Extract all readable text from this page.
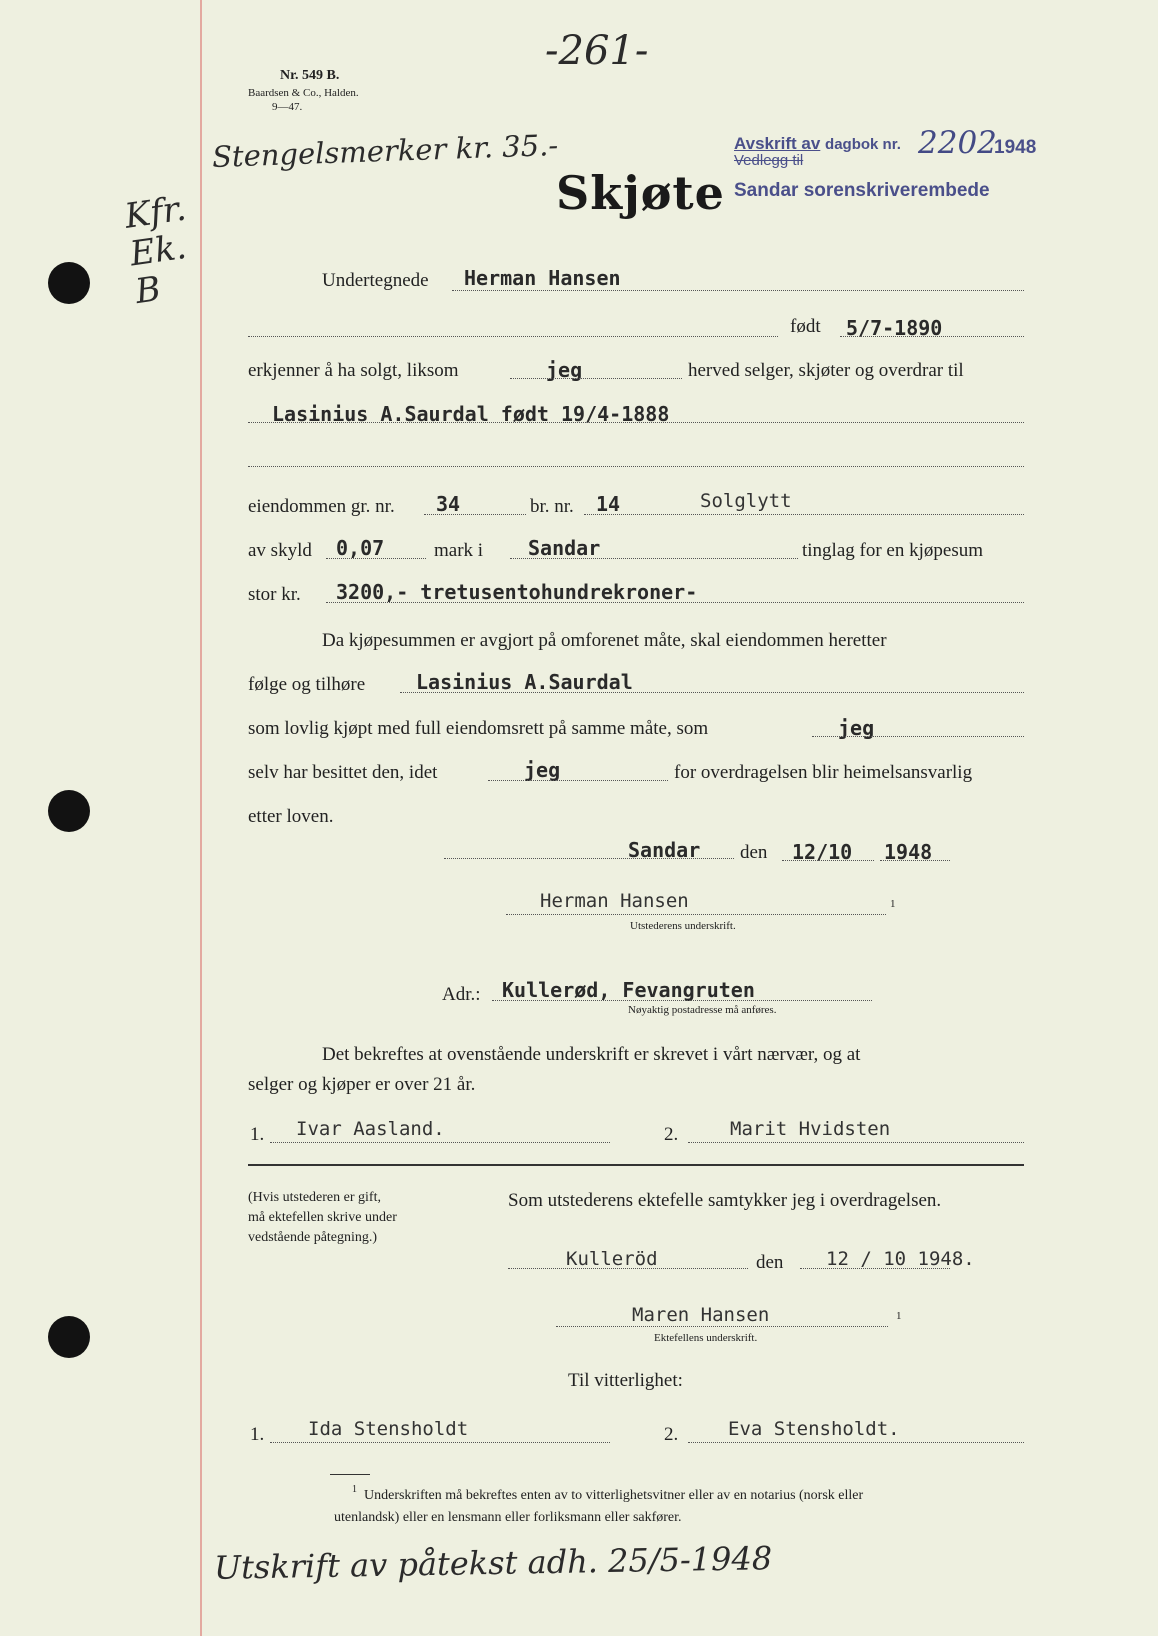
-261-
Nr. 549 B.
Baardsen & Co., Halden.
9—47.
Stengelsmerker kr. 35.-
Kfr. Ek. B
Skjøte
Avskrift av dagbok nr.
Vedlegg til	2202
1948
Sandar sorenskriverembede
Undertegnede Herman Hansen
født 5/7-1890
erkjenner å ha solgt, liksom	jeg	herved selger, skjøter og overdrar til
Lasinius A.Saurdal født 19/4-1888
eiendommen gr. nr. 34	br. nr. 14	Solglytt
av skyld 0,07	mark i Sandar	tinglag for en kjøpesum
stor kr. 3200,- tretusentohundrekroner-
Da kjøpesummen er avgjort på omforenet måte, skal eiendommen heretter
følge og tilhøre	Lasinius A.Saurdal
som lovlig kjøpt med full eiendomsrett på samme måte, som	jeg
selv har besittet den, idet	jeg	for overdragelsen blir heimelsansvarlig
etter loven.
Sandar den 12/10 1948
Herman Hansen	1
Utstederens underskrift.
Adr.: Kullerød, Fevangruten
Nøyaktig postadresse må anføres.
Det bekreftes at ovenstående underskrift er skrevet i vårt nærvær, og at
selger og kjøper er over 21 år.
1. Ivar Aasland.	2.	Marit Hvidsten
(Hvis utstederen er gift,
må ektefellen skrive under
vedstående påtegning.)
Som utstederens ektefelle samtykker jeg i overdragelsen.
Kulleröd	den 12 / 10 1948.
Maren Hansen	1
Ektefellens underskrift.
Til vitterlighet:
1. Ida Stensholdt	2.	Eva Stensholdt.
1 Underskriften må bekreftes enten av to vitterlighetsvitner eller av en notarius (norsk eller
utenlandsk) eller en lensmann eller forliksmann eller sakfører.
Utskrift av påtekst adh. 25/5-1948
